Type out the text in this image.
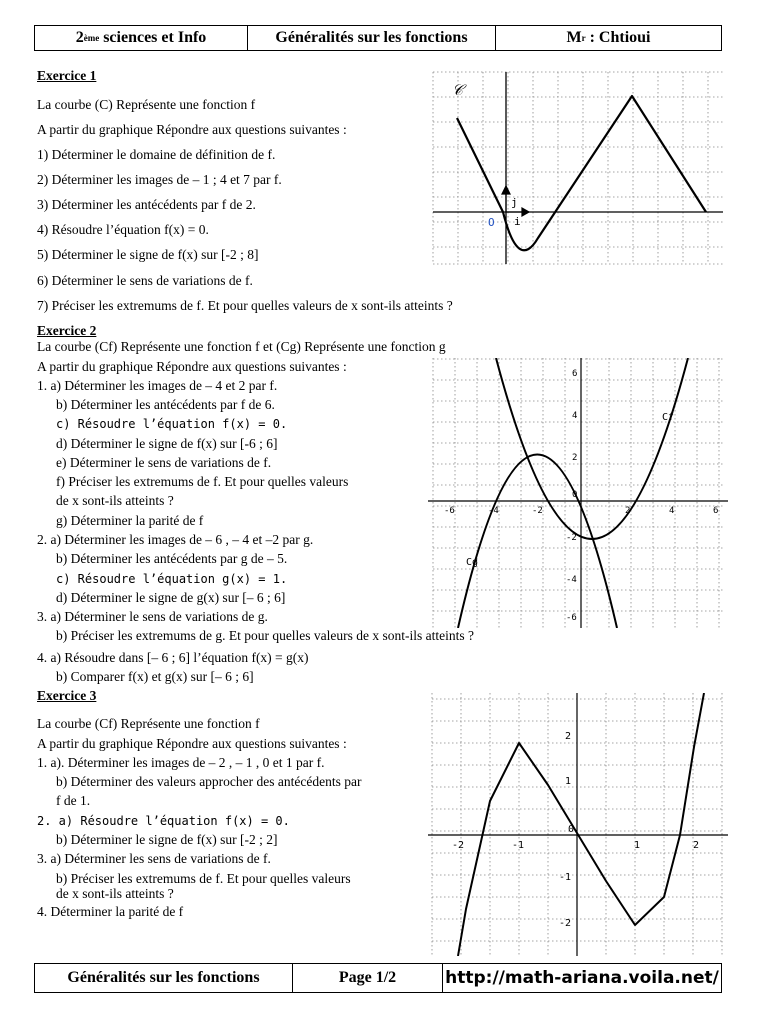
2 ème sciences et Info	Généralités sur les fonctions	M r : Chtioui
Exercice 1
La courbe (C) Représente une fonction f
A partir du graphique Répondre aux questions suivantes :
1) Déterminer le domaine de définition de f.
2) Déterminer les images de – 1 ; 4 et 7 par f.
3) Déterminer les antécédents par f de 2.
4) Résoudre l’équation f(x) = 0.
5) Déterminer le signe de f(x) sur [-2 ; 8]
6) Déterminer le sens de variations de f.
7) Préciser les extremums de f. Et pour quelles valeurs de x sont-ils atteints ?
𝒞
j
i
O
Exercice 2
La courbe (Cf) Représente une fonction f et (Cg) Représente une fonction g
A partir du graphique Répondre aux questions suivantes :
1. a) Déterminer les images de – 4 et 2 par f.
b) Déterminer les antécédents par f de 6.
c) Résoudre l’équation f(x) = 0.
d) Déterminer le signe de f(x) sur [-6 ; 6]
e) Déterminer le sens de variations de f.
f) Préciser les extremums de f. Et pour quelles valeurs
de x sont-ils atteints ?
g) Déterminer la parité de f
2. a) Déterminer les images de – 6 , – 4 et –2 par g.
b) Déterminer les antécédents par g de – 5.
c) Résoudre l’équation g(x) = 1.
d) Déterminer le signe de g(x) sur [– 6 ; 6]
3. a) Déterminer le sens de variations de g.
b) Préciser les extremums de g. Et pour quelles valeurs de x sont-ils atteints ?
4. a) Résoudre dans [– 6 ; 6] l’équation f(x) = g(x)
b) Comparer f(x) et g(x) sur [– 6 ; 6]
-6	-4	-2	2	4	6
6
4
2
0
-2
-4
-6
Cf
Cg
Exercice 3
La courbe (Cf) Représente une fonction f
A partir du graphique Répondre aux questions suivantes :
1. a). Déterminer les images de – 2 , – 1 , 0 et 1 par f.
b) Déterminer des valeurs approcher des antécédents par
f de 1.
2. a) Résoudre l’équation f(x) = 0.
b) Déterminer le signe de f(x) sur [-2 ; 2]
3. a) Déterminer les sens de variations de f.
b) Préciser les extremums de f. Et pour quelles valeurs
de x sont-ils atteints ?
4. Déterminer la parité de f
-2	-1
0
1	2
2
1
-1
-2
Généralités sur les fonctions	Page 1/2	http://math-ariana.voila.net/
